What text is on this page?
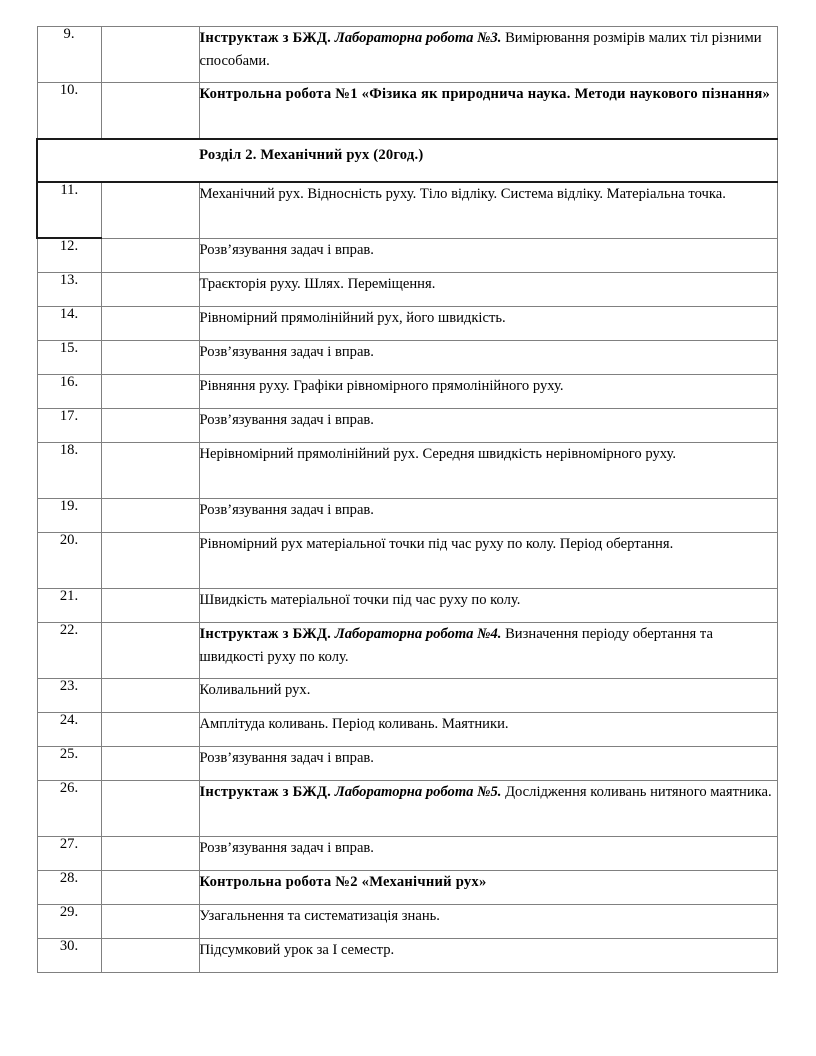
9.		Інструктаж з БЖД. Лабораторна робота №3. Вимірювання розмірів малих тіл різними способами.
10.		Контрольна робота №1 «Фізика як природнича наука. Методи наукового пізнання»

Розділ 2. Механічний рух (20год.)		

11.		Механічний рух. Відносність руху. Тіло відліку. Система відліку. Матеріальна точка.
12.		Розв’язування задач і вправ.
13.		Траєкторія руху. Шлях. Переміщення.
14.		Рівномірний прямолінійний рух, його швидкість.
15.		Розв’язування задач і вправ.
16.		Рівняння руху. Графіки рівномірного прямолінійного руху.
17.		Розв’язування задач і вправ.
18.		Нерівномірний прямолінійний рух. Середня швидкість нерівномірного руху.
19.		Розв’язування задач і вправ.
20.		Рівномірний рух матеріальної точки під час руху по колу. Період обертання.
21.		Швидкість матеріальної точки під час руху по колу.
22.		Інструктаж з БЖД. Лабораторна робота №4. Визначення періоду обертання та швидкості руху по колу.
23.		Коливальний рух.
24.		Амплітуда коливань. Період коливань. Маятники.
25.		Розв’язування задач і вправ.
26.		Інструктаж з БЖД. Лабораторна робота №5. Дослідження коливань нитяного маятника.
27.		Розв’язування задач і вправ.
28.		Контрольна робота №2 «Механічний рух»
29.		Узагальнення та систематизація знань.
30.		Підсумковий урок за I семестр.
